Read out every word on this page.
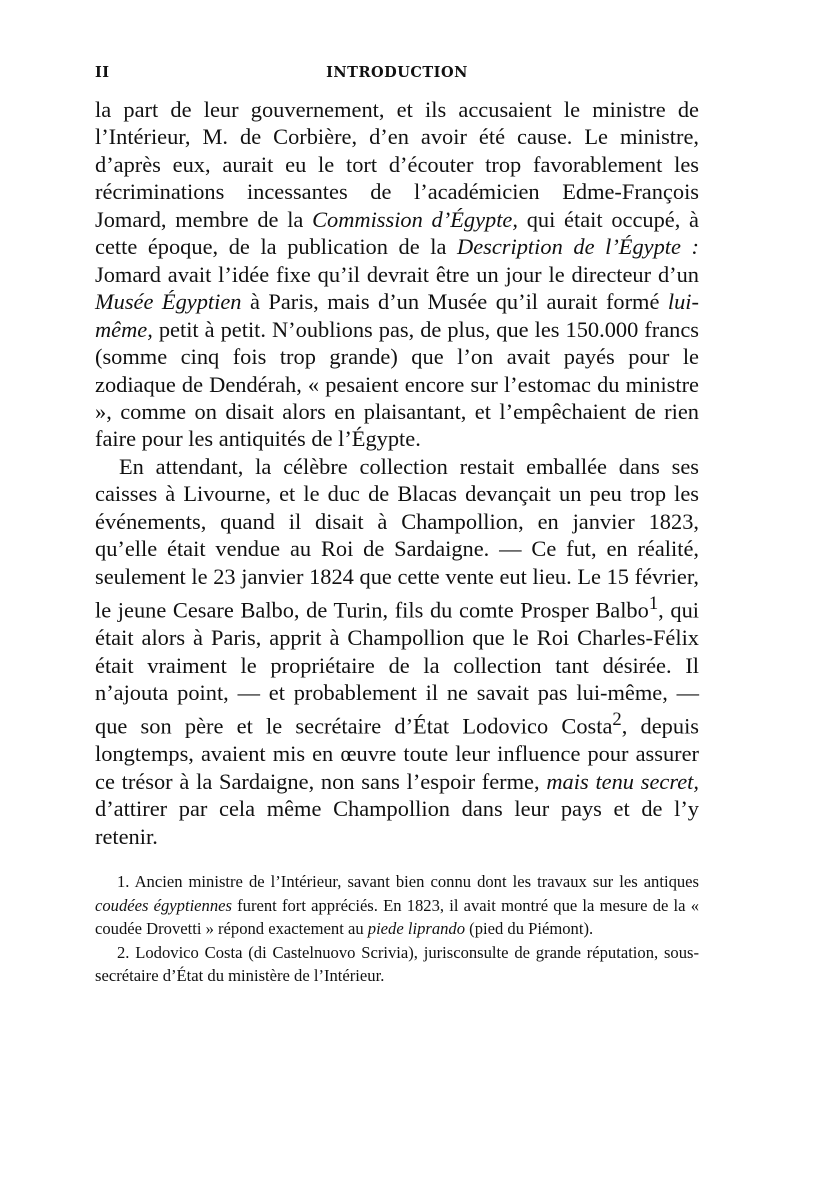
II	INTRODUCTION

la part de leur gouvernement, et ils accusaient le ministre de l’Intérieur, M. de Corbière, d’en avoir été cause. Le ministre, d’après eux, aurait eu le tort d’écouter trop favorablement les récriminations incessantes de l’académicien Edme-François Jomard, membre de la Commission d’Égypte, qui était occupé, à cette époque, de la publication de la Description de l’Égypte : Jomard avait l’idée fixe qu’il devrait être un jour le directeur d’un Musée Égyptien à Paris, mais d’un Musée qu’il aurait formé lui-même, petit à petit. N’oublions pas, de plus, que les 150.000 francs (somme cinq fois trop grande) que l’on avait payés pour le zodiaque de Dendérah, « pesaient encore sur l’estomac du ministre », comme on disait alors en plaisantant, et l’empêchaient de rien faire pour les antiquités de l’Égypte.

En attendant, la célèbre collection restait emballée dans ses caisses à Livourne, et le duc de Blacas devançait un peu trop les événements, quand il disait à Champollion, en janvier 1823, qu’elle était vendue au Roi de Sardaigne. — Ce fut, en réalité, seulement le 23 janvier 1824 que cette vente eut lieu. Le 15 février, le jeune Cesare Balbo, de Turin, fils du comte Prosper Balbo$^1$, qui était alors à Paris, apprit à Champollion que le Roi Charles-Félix était vraiment le propriétaire de la collection tant désirée. Il n’ajouta point, — et probablement il ne savait pas lui-même, — que son père et le secrétaire d’État Lodovico Costa$^2$, depuis longtemps, avaient mis en œuvre toute leur influence pour assurer ce trésor à la Sardaigne, non sans l’espoir ferme, mais tenu secret, d’attirer par cela même Champollion dans leur pays et de l’y retenir.

1. Ancien ministre de l’Intérieur, savant bien connu dont les travaux sur les antiques coudées égyptiennes furent fort appréciés. En 1823, il avait montré que la mesure de la « coudée Drovetti » répond exactement au piede liprando (pied du Piémont).

2. Lodovico Costa (di Castelnuovo Scrivia), jurisconsulte de grande réputation, sous-secrétaire d’État du ministère de l’Intérieur.
